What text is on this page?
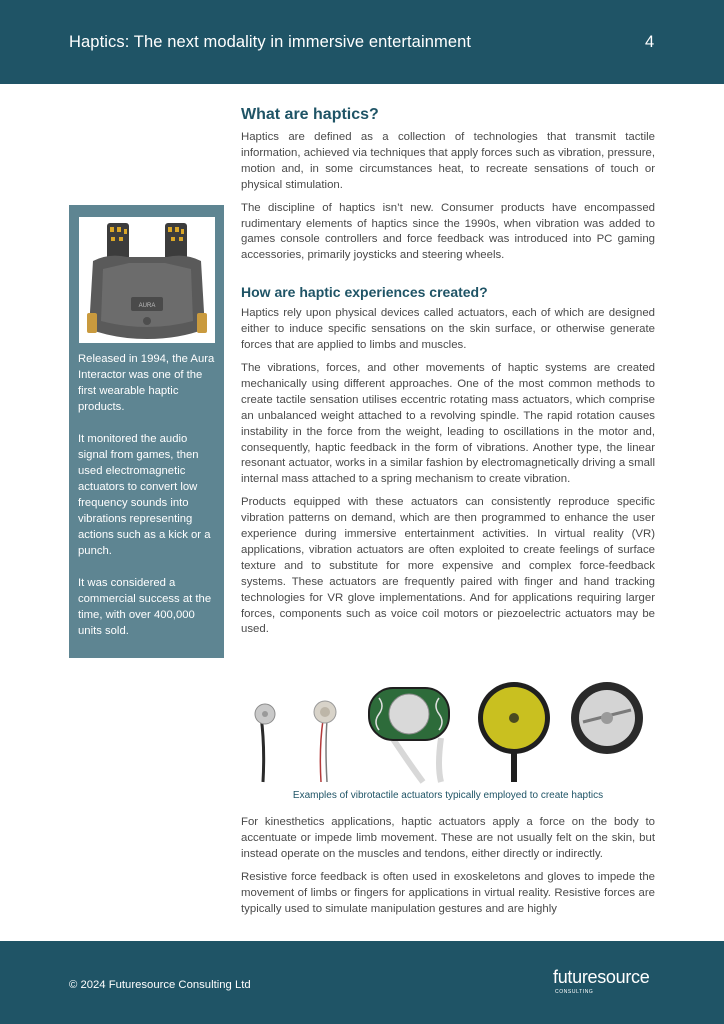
Haptics: The next modality in immersive entertainment	4
What are haptics?

Haptics are defined as a collection of technologies that transmit tactile information, achieved via techniques that apply forces such as vibration, pressure, motion and, in some circumstances heat, to recreate sensations of touch or physical stimulation.

The discipline of haptics isn’t new. Consumer products have encompassed rudimentary elements of haptics since the 1990s, when vibration was added to games console controllers and force feedback was introduced into PC gaming accessories, primarily joysticks and steering wheels.

How are haptic experiences created?

Haptics rely upon physical devices called actuators, each of which are designed either to induce specific sensations on the skin surface, or otherwise generate forces that are applied to limbs and muscles.

The vibrations, forces, and other movements of haptic systems are created mechanically using different approaches. One of the most common methods to create tactile sensation utilises eccentric rotating mass actuators, which comprise an unbalanced weight attached to a revolving spindle. The rapid rotation causes instability in the force from the weight, leading to oscillations in the motor and, consequently, haptic feedback in the form of vibrations. Another type, the linear resonant actuator, works in a similar fashion by electromagnetically driving a small internal mass attached to a spring mechanism to create vibration.

Products equipped with these actuators can consistently reproduce specific vibration patterns on demand, which are then programmed to enhance the user experience during immersive entertainment activities. In virtual reality (VR) applications, vibration actuators are often exploited to create feelings of surface texture and to substitute for more expensive and complex force-feedback systems. These actuators are frequently paired with finger and hand tracking technologies for VR glove implementations. And for applications requiring larger forces, components such as voice coil motors or piezoelectric actuators may be used.

AURA

Released in 1994, the Aura Interactor was one of the first wearable haptic products.

It monitored the audio signal from games, then used electromagnetic actuators to convert low frequency sounds into vibrations representing actions such as a kick or a punch.

It was considered a commercial success at the time, with over 400,000 units sold.

Examples of vibrotactile actuators typically employed to create haptics

For kinesthetics applications, haptic actuators apply a force on the body to accentuate or impede limb movement. These are not usually felt on the skin, but instead operate on the muscles and tendons, either directly or indirectly.

Resistive force feedback is often used in exoskeletons and gloves to impede the movement of limbs or fingers for applications in virtual reality. Resistive forces are typically used to simulate manipulation gestures and are highly

© 2024 Futuresource Consulting Ltd	futuresource
CONSULTING
